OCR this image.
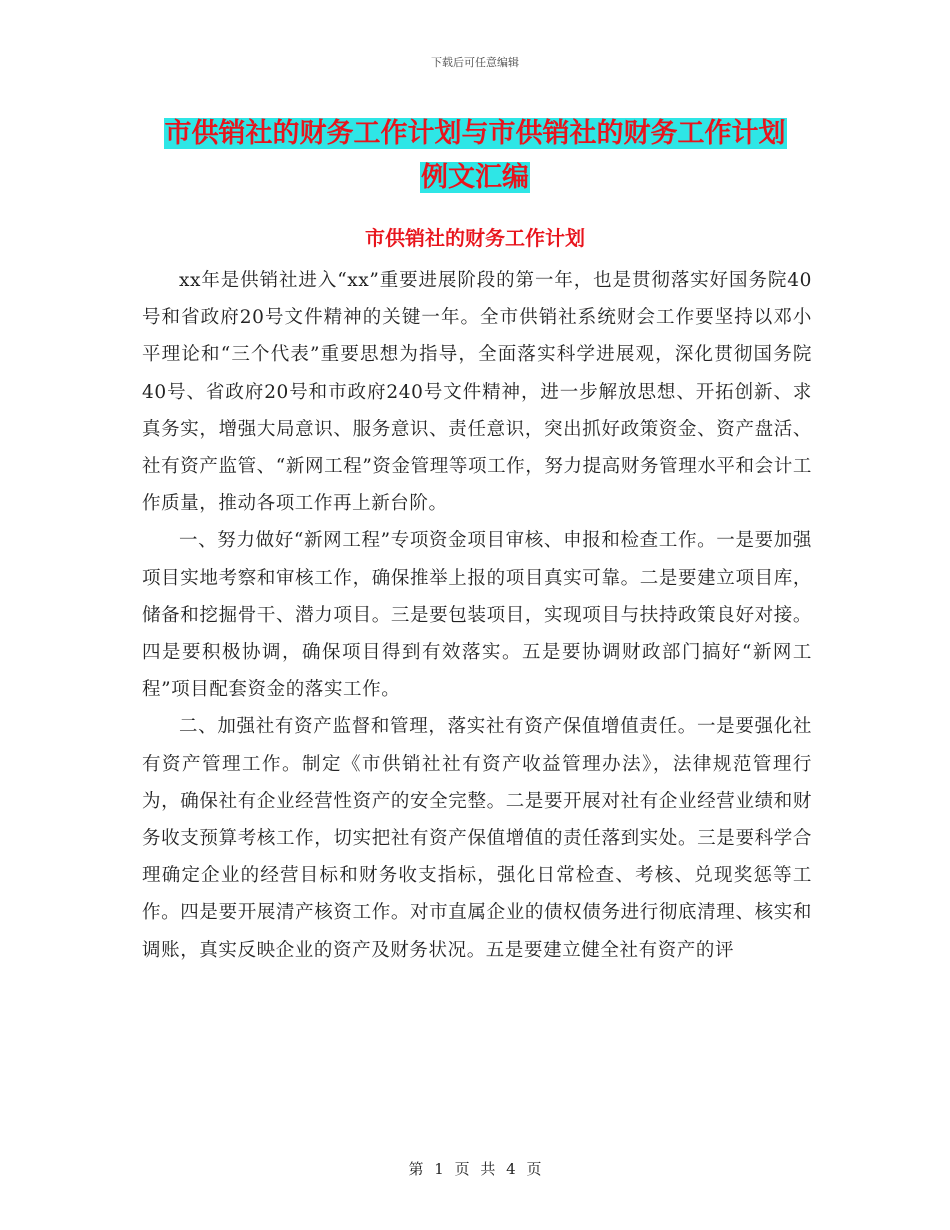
下载后可任意编辑
市供销社的财务工作计划与市供销社的财务工作计划
例文汇编
市供销社的财务工作计划

xx年是供销社进入“xx”重要进展阶段的第一年，也是贯彻落实好国务院40号和省政府20号文件精神的关键一年。全市供销社系统财会工作要坚持以邓小平理论和“三个代表”重要思想为指导，全面落实科学进展观，深化贯彻国务院40号、省政府20号和市政府240号文件精神，进一步解放思想、开拓创新、求真务实，增强大局意识、服务意识、责任意识，突出抓好政策资金、资产盘活、社有资产监管、“新网工程”资金管理等项工作，努力提高财务管理水平和会计工作质量，推动各项工作再上新台阶。

一、努力做好“新网工程”专项资金项目审核、申报和检查工作。一是要加强项目实地考察和审核工作，确保推举上报的项目真实可靠。二是要建立项目库，储备和挖掘骨干、潜力项目。三是要包装项目，实现项目与扶持政策良好对接。四是要积极协调，确保项目得到有效落实。五是要协调财政部门搞好“新网工程”项目配套资金的落实工作。

二、加强社有资产监督和管理，落实社有资产保值增值责任。一是要强化社有资产管理工作。制定《市供销社社有资产收益管理办法》，法律规范管理行为，确保社有企业经营性资产的安全完整。二是要开展对社有企业经营业绩和财务收支预算考核工作，切实把社有资产保值增值的责任落到实处。三是要科学合理确定企业的经营目标和财务收支指标，强化日常检查、考核、兑现奖惩等工作。四是要开展清产核资工作。对市直属企业的债权债务进行彻底清理、核实和调账，真实反映企业的资产及财务状况。五是要建立健全社有资产的评

第 1 页 共 4 页
